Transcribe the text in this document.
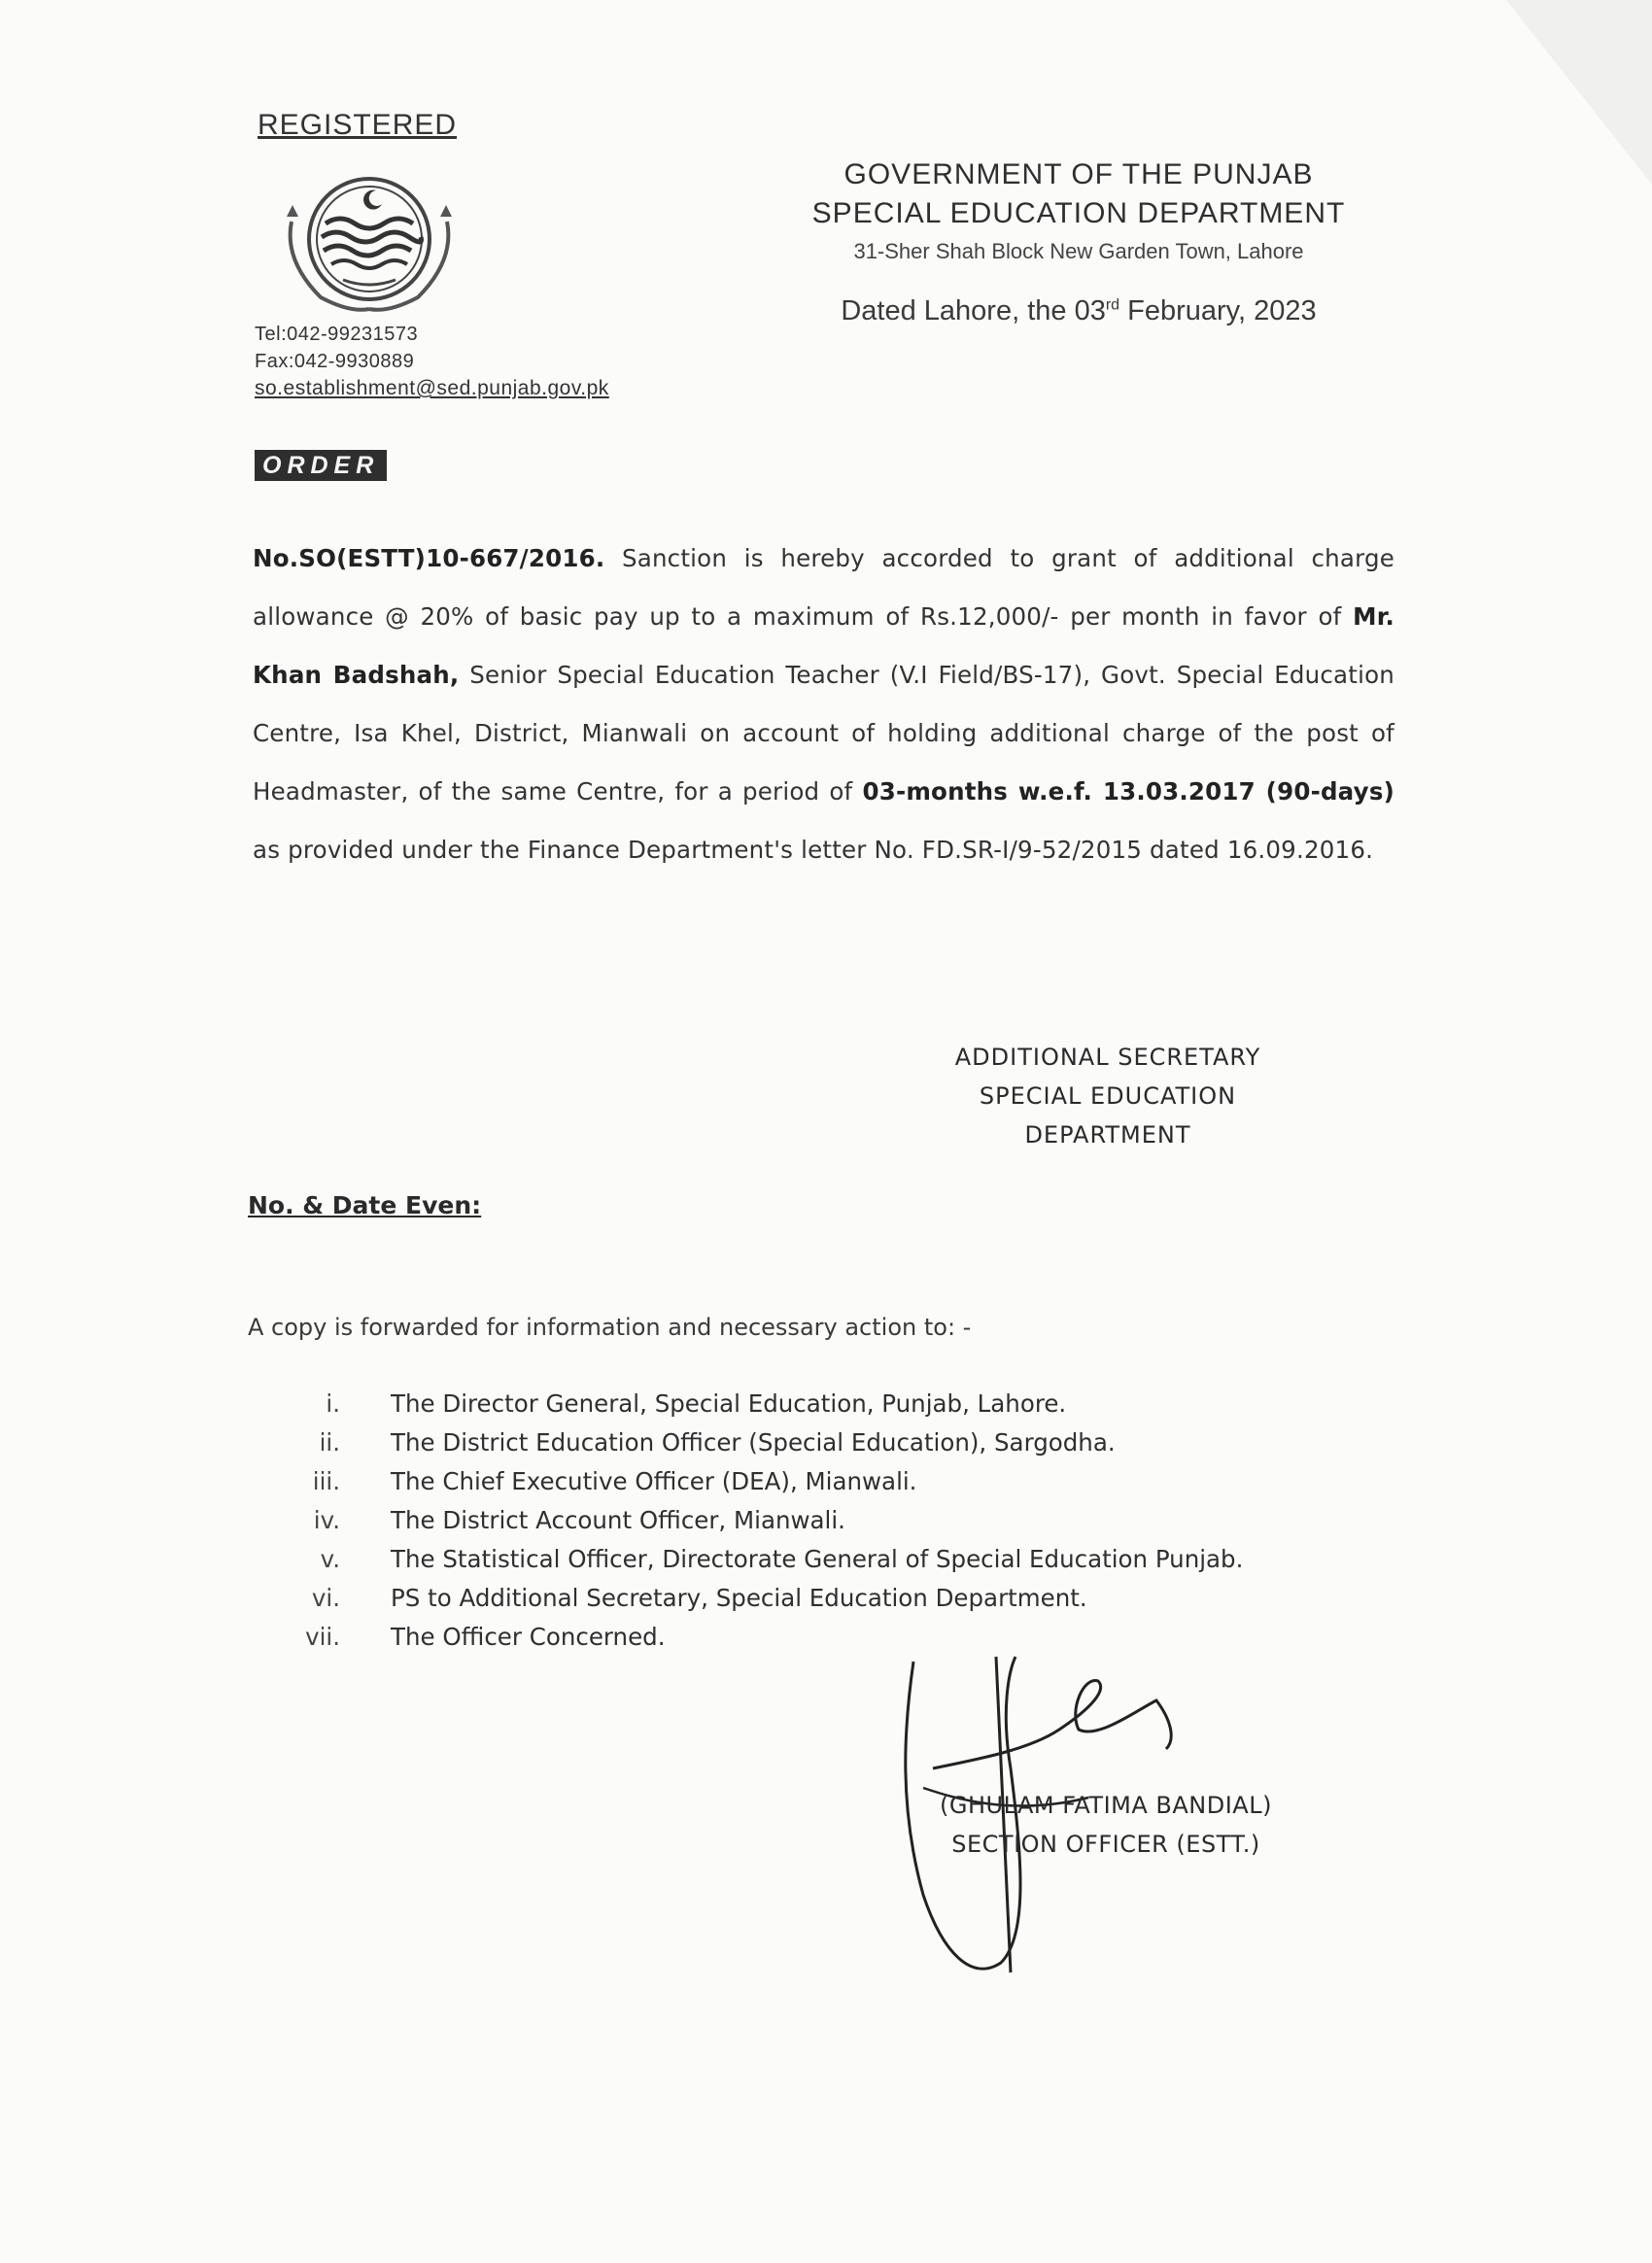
REGISTERED
Tel:042-99231573
Fax:042-9930889
so.establishment@sed.punjab.gov.pk
GOVERNMENT OF THE PUNJAB
SPECIAL EDUCATION DEPARTMENT
31-Sher Shah Block New Garden Town, Lahore
Dated Lahore, the 03rd February, 2023
ORDER
No.SO(ESTT)10-667/2016. Sanction is hereby accorded to grant of additional charge allowance @ 20% of basic pay up to a maximum of Rs.12,000/- per month in favor of Mr. Khan Badshah, Senior Special Education Teacher (V.I Field/BS-17), Govt. Special Education Centre, Isa Khel, District, Mianwali on account of holding additional charge of the post of Headmaster, of the same Centre, for a period of 03-months w.e.f. 13.03.2017 (90-days) as provided under the Finance Department's letter No. FD.SR-I/9-52/2015 dated 16.09.2016.
ADDITIONAL SECRETARY
SPECIAL EDUCATION
DEPARTMENT
No. & Date Even:
A copy is forwarded for information and necessary action to: -
i. The Director General, Special Education, Punjab, Lahore.
ii. The District Education Officer (Special Education), Sargodha.
iii. The Chief Executive Officer (DEA), Mianwali.
iv. The District Account Officer, Mianwali.
v. The Statistical Officer, Directorate General of Special Education Punjab.
vi. PS to Additional Secretary, Special Education Department.
vii. The Officer Concerned.
(GHULAM FATIMA BANDIAL)
SECTION OFFICER (ESTT.)
